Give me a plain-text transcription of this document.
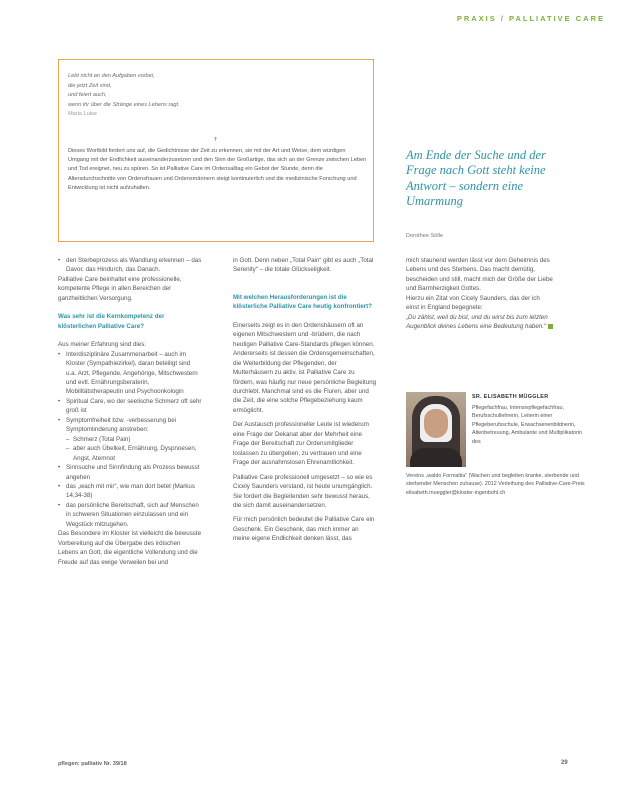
PRAXIS / PALLIATIVE CARE
Lebt nicht an den Aufgaben vorbei,
die jetzt Zeit sind,
und feiert auch,
wenn ihr über die Stränge eines Lebens ragt.
Maria Luise
✝
Dieses Wortbild fordert uns auf, die Gedichtnisse der Zeit zu erkennen, sie mit der Art und Weise, dem würdigen Umgang mit der Endlichkeit auseinanderzusetzen und den Sinn der Großartige, das sich an der Grenze zwischen Leben und Tod ereignet, neu zu spüren. So ist Palliative Care im Ordensalltag ein Gebot der Stunde, denn die Altersdurchschnitte von Ordensfrauen und Ordensmännern steigt kontinuierlich und die medizinische Forschung und Entwicklung ist nicht aufzuhalten.
Am Ende der Suche und der Frage nach Gott steht keine Antwort – sondern eine Umarmung
Dorothee Sölle
• den Sterbeprozess als Wandlung erkennen – das Davor, das Hindurch, das Danach.

Palliative Care beinhaltet eine professionelle, kompetente Pflege in allen Bereichen der ganzheitlichen Versorgung.

Was sehr ist die Kernkompetenz der klösterlichen Palliative Care?

Aus meiner Erfahrung sind dies:

• Interdisziplinäre Zusammenarbeit – auch im Kloster (Sympathiezirkel), daran beteiligt sind u.a. Arzt, Pflegende, Angehörige, Mitschwestern und evtl. Ernährungsberaterin, Mobilitätstherapeutin und Psychoonkologin
• Spiritual Care, wo der seelische Schmerz oft sehr groß ist
• Symptomfreiheit bzw. -verbesserung bei Symptomlinderung anstreben:
– Schmerz (Total Pain)
– aber auch Übelkeit, Ernährung, Dyspnoesen, Angst, Atemnot
• Sinnsuche und Sinnfindung als Prozess bewusst angehen
• das „wach mit mir“, wie man dort betet (Markus 14,34-38)
• das persönliche Bereitschaft, sich auf Menschen in schweren Situationen einzulassen und ein Wegstück mitzugehen.

Das Besondere im Kloster ist vielleicht die bewusste Vorbereitung auf die Übergabe des irdischen Lebens an Gott, die eigentliche Vollendung und die Freude auf das ewige Verweilen bei und

in Gott. Denn neben „Total Pain“ gibt es auch „Total Serenity“ – die totale Glückseligkeit.

Mit welchen Herausforderungen ist die klösterliche Palliative Care heutig konfrontiert?

Einerseits zeigt es in den Ordenshäusern oft an eigenen Mitschwestern und -brüdern, die nach heutigen Palliative Care-Standards pflegen können. Andererseits ist dessen die Ordensgemeinschaften, die Weiterbildung der Pflegenden, der Mutterhäusern zu aktiv, ist Palliative Care zu fördern, was häufig nur neue persönliche Begleitung durchlebt. Manchmal sind es die Fluren, aber und die Zeit, die eine solche Pflegebeziehung kaum ermöglicht.

Der Austausch professioneller Leute ist wiederum eine Frage der Dekanat aber der Mehrheit eine Frage der Bereitschaft zur Ordensmitglieder loslassen zu übergeben, zu vertrauen und eine Frage der ausnahmslosen Ehrenamtlichkeit.

Palliative Care professionell umgesetzt – so wie es Cicely Saunders verstand, ist heute unumgänglich. Sie fordert die Begleitenden sehr bewusst heraus, die sich damit auseinandersetzen.

Für mich persönlich bedeutet die Palliative Care ein Geschenk. Ein Geschenk, das mich immer an meine eigene Endlichkeit denken lässt, das

mich staunend werden lässt vor dem Geheimnis des Lebens und des Sterbens. Das macht demütig, bescheiden und still, macht mich der Größe der Liebe und Barmherzigkeit Gottes.

Hierzu ein Zitat von Cicely Saunders, das der ich einst in England begegnete:

„Du zählst, weil du bist, und du wirst bis zum letzten Augenblick deines Lebens eine Bedeutung haben.“

SR. ELISABETH MÜGGLER
Pflegefachfrau, Intensivpflegefachfrau, Berufsschullehrerin, Leiterin einer Pflegeberufsschule, Erwachsenenbildnerin, Altenbetreuung, Ambulante und Multiplikatorin des
Vereins „waldo Formaltia“ (Wachen und begleiten kranke, sterbende und sterbender Menschen zuhause). 2012 Verleihung des Palliative-Care-Preis elisabeth.mueggler@kloster-ingenbohl.ch
pflegen: palliativ Nr. 39/18	29
